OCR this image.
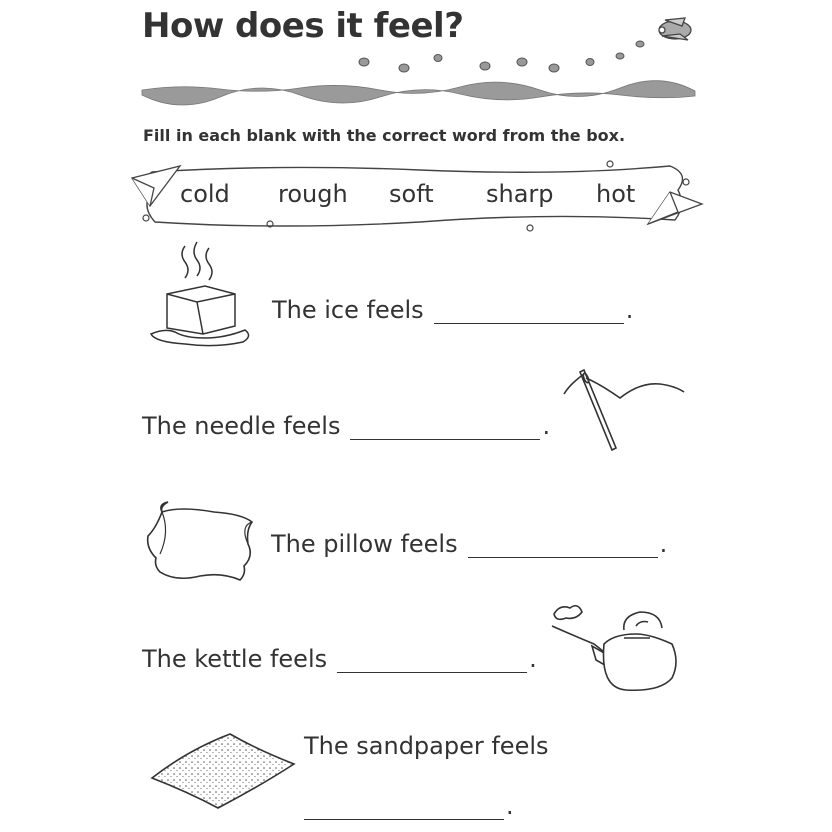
How does it feel?
Fill in each blank with the correct word from the box.
cold rough soft sharp hot
The ice feels	.
The needle feels	.
The pillow feels	.
The kettle feels	.
The sandpaper feels
.
